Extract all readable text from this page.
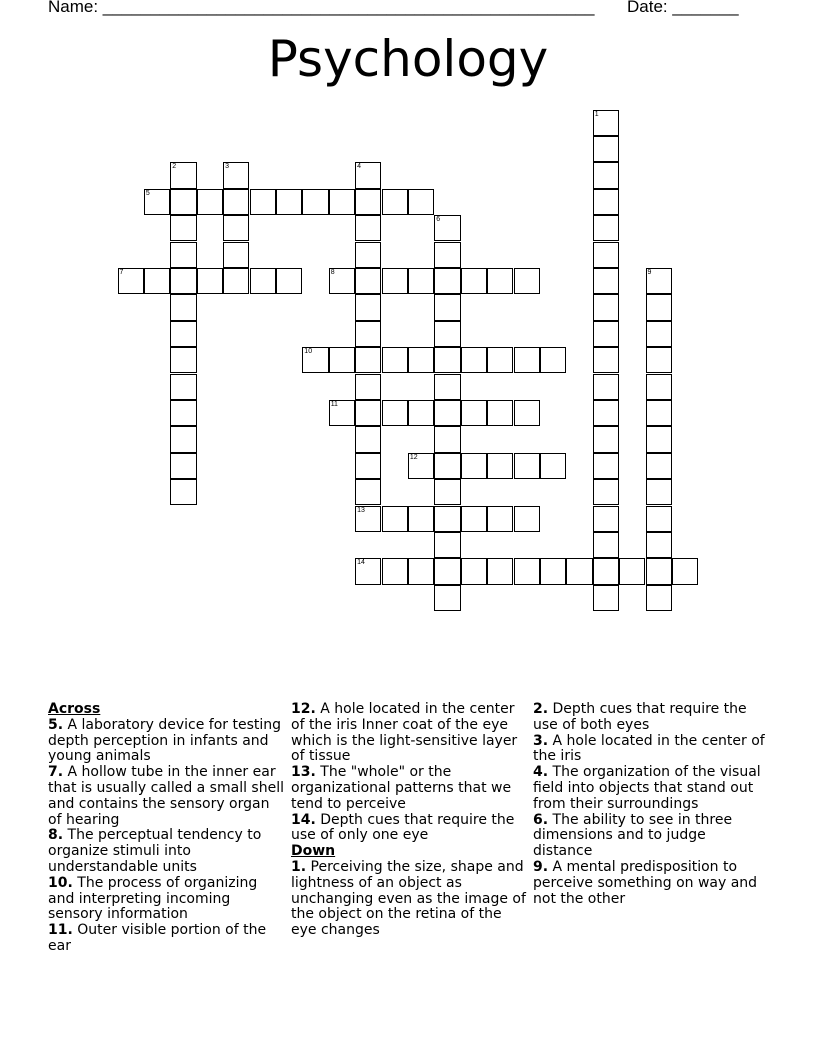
Name: ____________________________________________________ Date: _______
Psychology
1
2	3	4
5
6
7	8	9
10
11
12
13
14
Across
5. A laboratory device for testing depth perception in infants and young animals
7. A hollow tube in the inner ear that is usually called a small shell and contains the sensory organ of hearing
8. The perceptual tendency to organize stimuli into understandable units
10. The process of organizing and interpreting incoming sensory information
11. Outer visible portion of the ear
12. A hole located in the center of the iris Inner coat of the eye which is the light-sensitive layer of tissue
13. The "whole" or the organizational patterns that we tend to perceive
14. Depth cues that require the use of only one eye
Down
1. Perceiving the size, shape and lightness of an object as unchanging even as the image of the object on the retina of the eye changes
2. Depth cues that require the use of both eyes
3. A hole located in the center of the iris
4. The organization of the visual field into objects that stand out from their surroundings
6. The ability to see in three dimensions and to judge distance
9. A mental predisposition to perceive something on way and not the other
